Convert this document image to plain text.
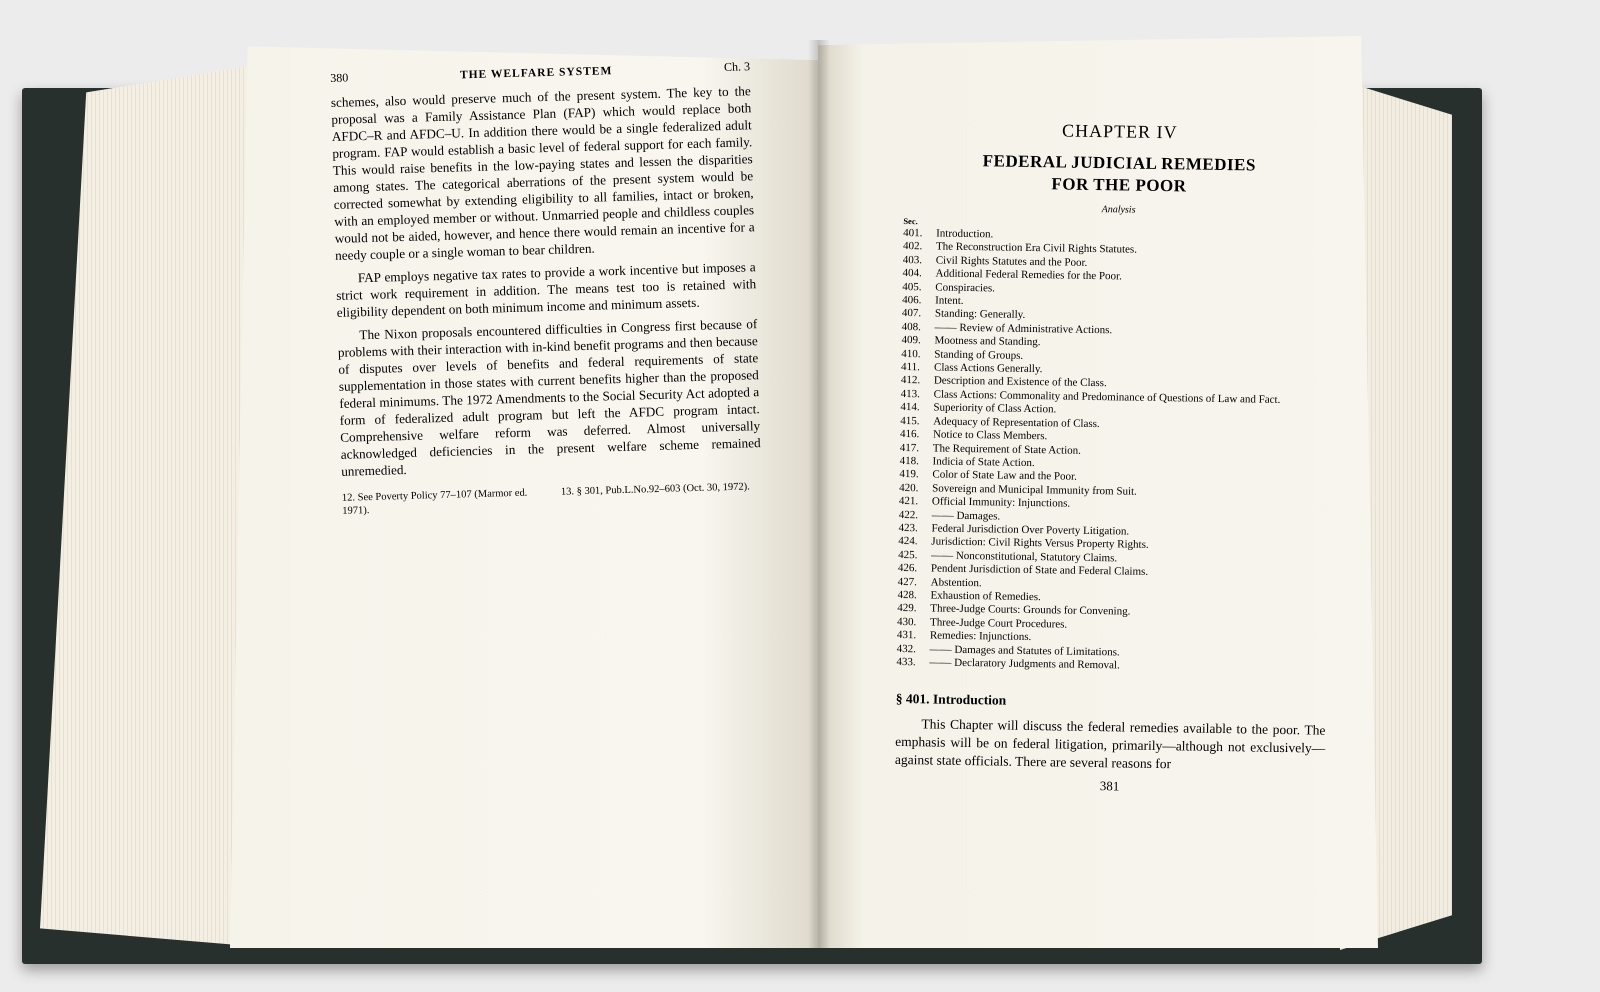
380	THE WELFARE SYSTEM	Ch. 3

schemes, also would preserve much of the present system. The key to the proposal was a Family Assistance Plan (FAP) which would replace both AFDC–R and AFDC–U. In addition there would be a single federalized adult program. FAP would establish a basic level of federal support for each family. This would raise benefits in the low-paying states and lessen the disparities among states. The categorical aberrations of the present system would be corrected somewhat by extending eligibility to all families, intact or broken, with an employed member or without. Unmarried people and childless couples would not be aided, however, and hence there would remain an incentive for a needy couple or a single woman to bear children.

FAP employs negative tax rates to provide a work incentive but imposes a strict work requirement in addition. The means test too is retained with eligibility dependent on both minimum income and minimum assets.

The Nixon proposals encountered difficulties in Congress first because of problems with their interaction with in-kind benefit programs and then because of disputes over levels of benefits and federal requirements of state supplementation in those states with current benefits higher than the proposed federal minimums. The 1972 Amendments to the Social Security Act adopted a form of federalized adult program but left the AFDC program intact. Comprehensive welfare reform was deferred. Almost universally acknowledged deficiencies in the present welfare scheme remained unremedied.

12. See Poverty Policy 77–107 (Marmor ed. 1971).
13. § 301, Pub.L.No.92–603 (Oct. 30, 1972).
CHAPTER IV
FEDERAL JUDICIAL REMEDIES
FOR THE POOR
Analysis
Sec.
401.	Introduction.
402.	The Reconstruction Era Civil Rights Statutes.
403.	Civil Rights Statutes and the Poor.
404.	Additional Federal Remedies for the Poor.
405.	Conspiracies.
406.	Intent.
407.	Standing: Generally.
408.	—— Review of Administrative Actions.
409.	Mootness and Standing.
410.	Standing of Groups.
411.	Class Actions Generally.
412.	Description and Existence of the Class.
413.	Class Actions: Commonality and Predominance of Questions of Law and Fact.
414.	Superiority of Class Action.
415.	Adequacy of Representation of Class.
416.	Notice to Class Members.
417.	The Requirement of State Action.
418.	Indicia of State Action.
419.	Color of State Law and the Poor.
420.	Sovereign and Municipal Immunity from Suit.
421.	Official Immunity: Injunctions.
422.	—— Damages.
423.	Federal Jurisdiction Over Poverty Litigation.
424.	Jurisdiction: Civil Rights Versus Property Rights.
425.	—— Nonconstitutional, Statutory Claims.
426.	Pendent Jurisdiction of State and Federal Claims.
427.	Abstention.
428.	Exhaustion of Remedies.
429.	Three-Judge Courts: Grounds for Convening.
430.	Three-Judge Court Procedures.
431.	Remedies: Injunctions.
432.	—— Damages and Statutes of Limitations.
433.	—— Declaratory Judgments and Removal.
§ 401. Introduction

This Chapter will discuss the federal remedies available to the poor. The emphasis will be on federal litigation, primarily—although not exclusively—against state officials. There are several reasons for

381
